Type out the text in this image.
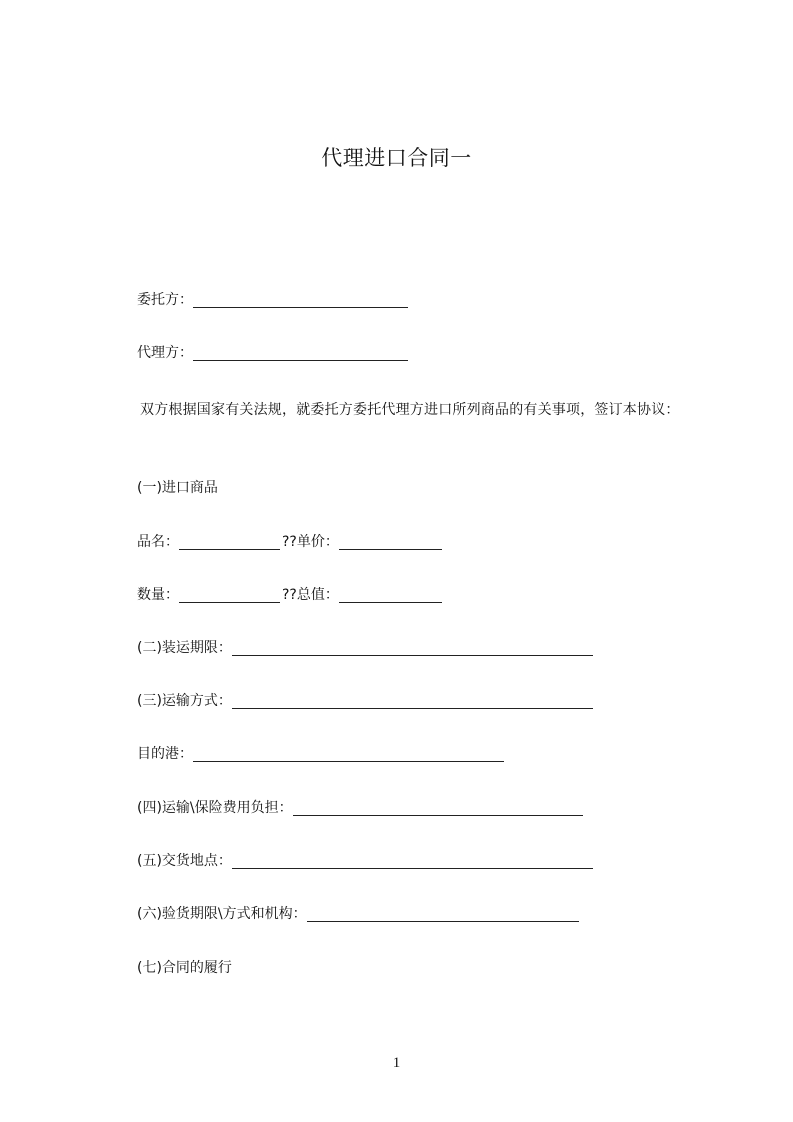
代理进口合同一
委托方：
代理方：
双方根据国家有关法规，就委托方委托代理方进口所列商品的有关事项，签订本协议：
(一)进口商品
品名：	??单价：
数量：	??总值：
(二)装运期限：
(三)运输方式：
目的港：
(四)运输\保险费用负担：
(五)交货地点：
(六)验货期限\方式和机构：
(七)合同的履行
1
